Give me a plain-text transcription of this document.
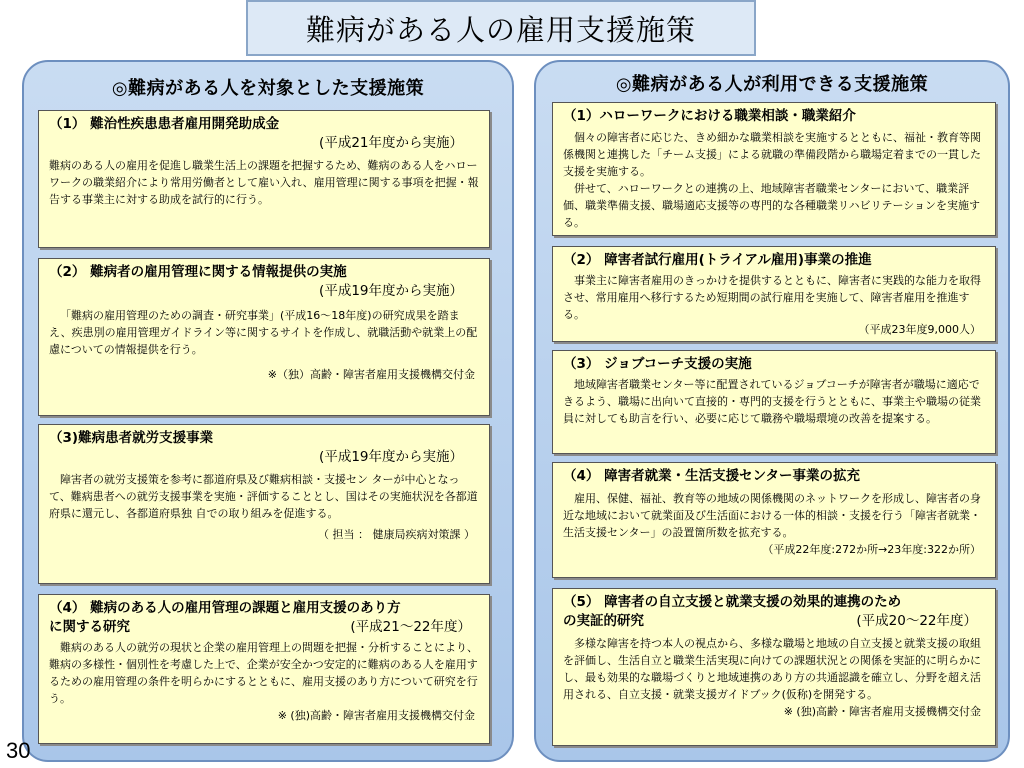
難病がある人の雇用支援施策
◎難病がある人を対象とした支援施策
（1） 難治性疾患患者雇用開発助成金
(平成21年度から実施）
難病のある人の雇用を促進し職業生活上の課題を把握するため、難病のある人をハローワークの職業紹介により常用労働者として雇い入れ、雇用管理に関する事項を把握・報告する事業主に対する助成を試行的に行う。
（2） 難病者の雇用管理に関する情報提供の実施
(平成19年度から実施）
「難病の雇用管理のための調査・研究事業」(平成16～18年度)の研究成果を踏まえ、疾患別の雇用管理ガイドライン等に関するサイトを作成し、就職活動や就業上の配慮についての情報提供を行う。
※（独）高齢・障害者雇用支援機構交付金
（3)難病患者就労支援事業
(平成19年度から実施）
障害者の就労支援策を参考に都道府県及び難病相談・支援セン ターが中心となって、難病患者への就労支援事業を実施・評価することとし、国はその実施状況を各都道府県に還元し、各都道府県独 自での取り組みを促進する。
（ 担当 ： 健康局疾病対策課 ）
（4） 難病のある人の雇用管理の課題と雇用支援のあり方
に関する研究	(平成21～22年度）
難病のある人の就労の現状と企業の雇用管理上の問題を把握・分析することにより、難病の多様性・個別性を考慮した上で、企業が安全かつ安定的に難病のある人を雇用するための雇用管理の条件を明らかにするとともに、雇用支援のあり方について研究を行う。
※ (独)高齢・障害者雇用支援機構交付金
◎難病がある人が利用できる支援施策
（1）ハローワークにおける職業相談・職業紹介
個々の障害者に応じた、きめ細かな職業相談を実施するとともに、福祉・教育等関係機関と連携した「チーム支援」による就職の準備段階から職場定着までの一貫した支援を実施する。
併せて、ハローワークとの連携の上、地域障害者職業センターにおいて、職業評価、職業準備支援、職場適応支援等の専門的な各種職業リハビリテーションを実施する。
（2） 障害者試行雇用(トライアル雇用)事業の推進
事業主に障害者雇用のきっかけを提供するとともに、障害者に実践的な能力を取得させ、常用雇用へ移行するため短期間の試行雇用を実施して、障害者雇用を推進する。
（平成23年度9,000人）
（3） ジョブコーチ支援の実施
地域障害者職業センター等に配置されているジョブコーチが障害者が職場に適応できるよう、職場に出向いて直接的・専門的支援を行うとともに、事業主や職場の従業員に対しても助言を行い、必要に応じて職務や職場環境の改善を提案する。
（4） 障害者就業・生活支援センター事業の拡充
雇用、保健、福祉、教育等の地域の関係機関のネットワークを形成し、障害者の身近な地域において就業面及び生活面における一体的相談・支援を行う「障害者就業・生活支援センター」の設置箇所数を拡充する。
（平成22年度:272か所→23年度:322か所）
（5） 障害者の自立支援と就業支援の効果的連携のため
の実証的研究	(平成20～22年度）
多様な障害を持つ本人の視点から、多様な職場と地域の自立支援と就業支援の取組を評価し、生活自立と職業生活実現に向けての課題状況との関係を実証的に明らかにし、最も効果的な職場づくりと地域連携のあり方の共通認識を確立し、分野を超え活用される、自立支援・就業支援ガイドブック(仮称)を開発する。
※ (独)高齢・障害者雇用支援機構交付金
30
